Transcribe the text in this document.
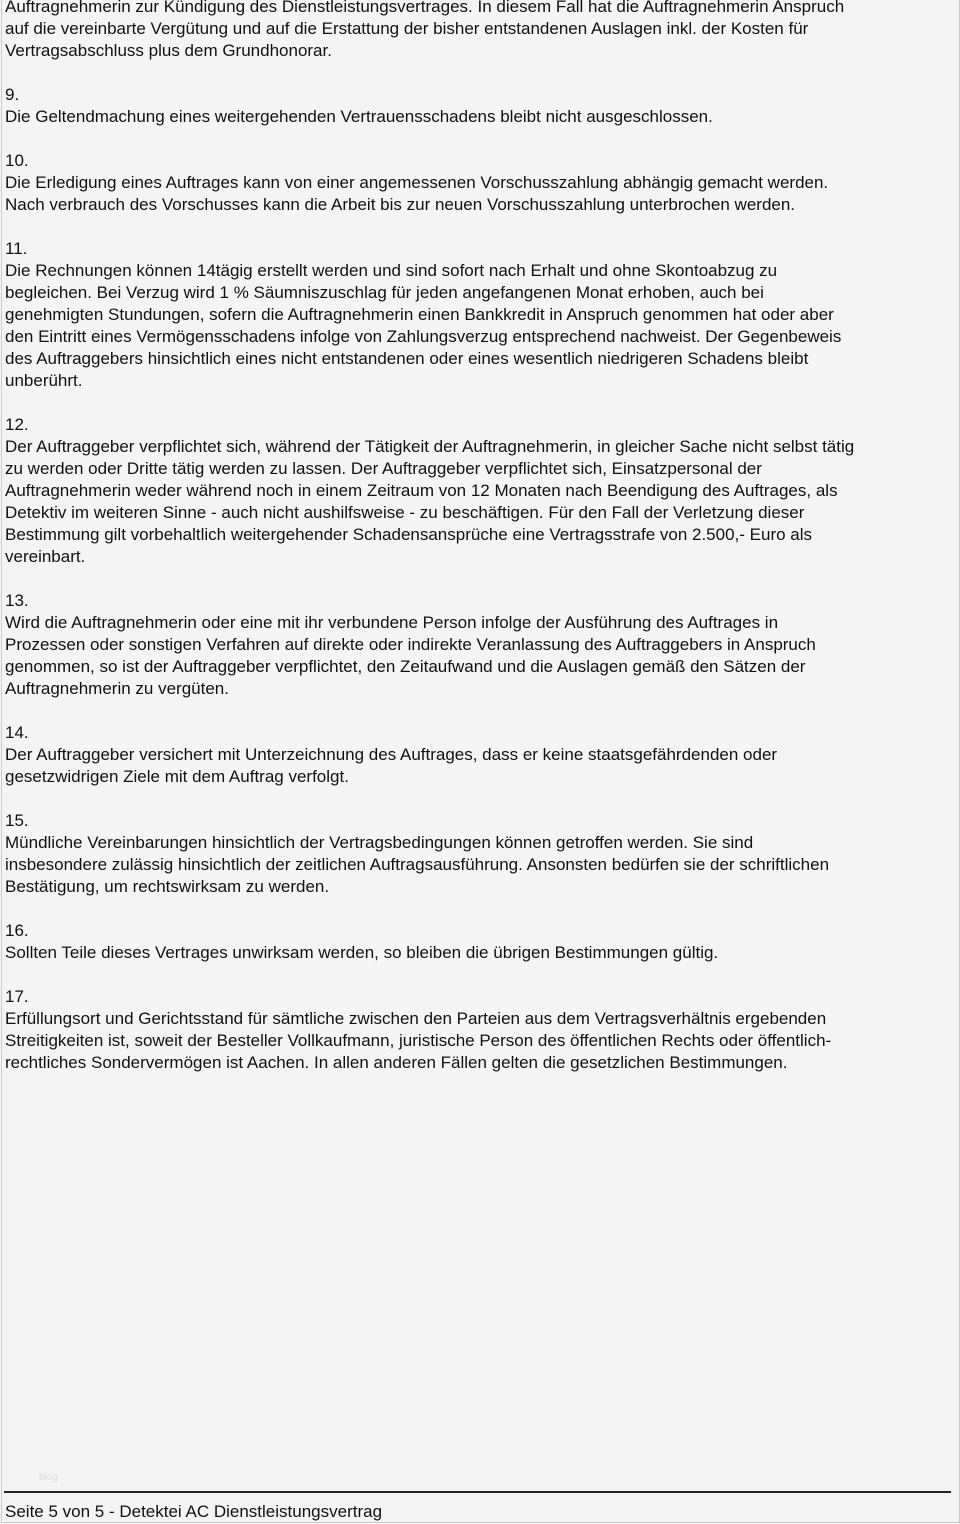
Auftragnehmerin zur Kündigung des Dienstleistungsvertrages. In diesem Fall hat die Auftragnehmerin Anspruch
auf die vereinbarte Vergütung und auf die Erstattung der bisher entstandenen Auslagen inkl. der Kosten für
Vertragsabschluss plus dem Grundhonorar.
9.
Die Geltendmachung eines weitergehenden Vertrauensschadens bleibt nicht ausgeschlossen.
10.
Die Erledigung eines Auftrages kann von einer angemessenen Vorschusszahlung abhängig gemacht werden.
Nach verbrauch des Vorschusses kann die Arbeit bis zur neuen Vorschusszahlung unterbrochen werden.
11.
Die Rechnungen können 14tägig erstellt werden und sind sofort nach Erhalt und ohne Skontoabzug zu
begleichen. Bei Verzug wird 1 % Säumniszuschlag für jeden angefangenen Monat erhoben, auch bei
genehmigten Stundungen, sofern die Auftragnehmerin einen Bankkredit in Anspruch genommen hat oder aber
den Eintritt eines Vermögensschadens infolge von Zahlungsverzug entsprechend nachweist. Der Gegenbeweis
des Auftraggebers hinsichtlich eines nicht entstandenen oder eines wesentlich niedrigeren Schadens bleibt
unberührt.
12.
Der Auftraggeber verpflichtet sich, während der Tätigkeit der Auftragnehmerin, in gleicher Sache nicht selbst tätig
zu werden oder Dritte tätig werden zu lassen. Der Auftraggeber verpflichtet sich, Einsatzpersonal der
Auftragnehmerin weder während noch in einem Zeitraum von 12 Monaten nach Beendigung des Auftrages, als
Detektiv im weiteren Sinne - auch nicht aushilfsweise - zu beschäftigen. Für den Fall der Verletzung dieser
Bestimmung gilt vorbehaltlich weitergehender Schadensansprüche eine Vertragsstrafe von 2.500,- Euro als
vereinbart.
13.
Wird die Auftragnehmerin oder eine mit ihr verbundene Person infolge der Ausführung des Auftrages in
Prozessen oder sonstigen Verfahren auf direkte oder indirekte Veranlassung des Auftraggebers in Anspruch
genommen, so ist der Auftraggeber verpflichtet, den Zeitaufwand und die Auslagen gemäß den Sätzen der
Auftragnehmerin zu vergüten.
14.
Der Auftraggeber versichert mit Unterzeichnung des Auftrages, dass er keine staatsgefährdenden oder
gesetzwidrigen Ziele mit dem Auftrag verfolgt.
15.
Mündliche Vereinbarungen hinsichtlich der Vertragsbedingungen können getroffen werden. Sie sind
insbesondere zulässig hinsichtlich der zeitlichen Auftragsausführung. Ansonsten bedürfen sie der schriftlichen
Bestätigung, um rechtswirksam zu werden.
16.
Sollten Teile dieses Vertrages unwirksam werden, so bleiben die übrigen Bestimmungen gültig.
17.
Erfüllungsort und Gerichtsstand für sämtliche zwischen den Parteien aus dem Vertragsverhältnis ergebenden
Streitigkeiten ist, soweit der Besteller Vollkaufmann, juristische Person des öffentlichen Rechts oder öffentlich-
rechtliches Sondervermögen ist Aachen. In allen anderen Fällen gelten die gesetzlichen Bestimmungen.
blog
Seite 5 von 5 - Detektei AC Dienstleistungsvertrag
